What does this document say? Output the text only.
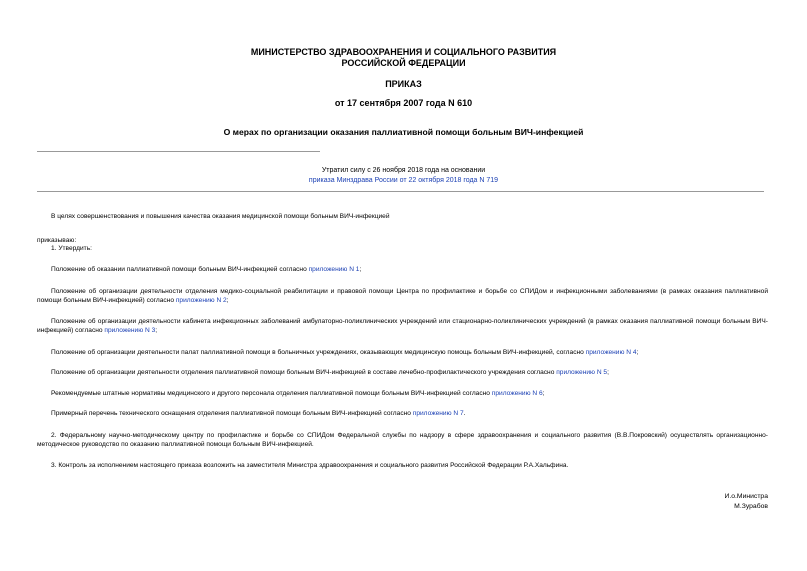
МИНИСТЕРСТВО ЗДРАВООХРАНЕНИЯ И СОЦИАЛЬНОГО РАЗВИТИЯ
РОССИЙСКОЙ ФЕДЕРАЦИИ
ПРИКАЗ
от 17 сентября 2007 года N 610
О мерах по организации оказания паллиативной помощи больным ВИЧ-инфекцией
Утратил силу с 26 ноября 2018 года на основании
приказа Минздрава России от 22 октября 2018 года N 719
В целях совершенствования и повышения качества оказания медицинской помощи больным ВИЧ-инфекцией
приказываю:
1. Утвердить:
Положение об оказании паллиативной помощи больным ВИЧ-инфекцией согласно приложению N 1;
Положение об организации деятельности отделения медико-социальной реабилитации и правовой помощи Центра по профилактике и борьбе со СПИДом и инфекционными заболеваниями (в рамках оказания паллиативной помощи больным ВИЧ-инфекцией) согласно приложению N 2;
Положение об организации деятельности кабинета инфекционных заболеваний амбулаторно-поликлинических учреждений или стационарно-поликлинических учреждений (в рамках оказания паллиативной помощи больным ВИЧ-инфекцией) согласно приложению N 3;
Положение об организации деятельности палат паллиативной помощи в больничных учреждениях, оказывающих медицинскую помощь больным ВИЧ-инфекцией, согласно приложению N 4;
Положение об организации деятельности отделения паллиативной помощи больным ВИЧ-инфекцией в составе лечебно-профилактического учреждения согласно приложению N 5;
Рекомендуемые штатные нормативы медицинского и другого персонала отделения паллиативной помощи больным ВИЧ-инфекцией согласно приложению N 6;
Примерный перечень технического оснащения отделения паллиативной помощи больным ВИЧ-инфекцией согласно приложению N 7.
2. Федеральному научно-методическому центру по профилактике и борьбе со СПИДом Федеральной службы по надзору в сфере здравоохранения и социального развития (В.В.Покровский) осуществлять организационно-методическое руководство по оказанию паллиативной помощи больным ВИЧ-инфекцией.
3. Контроль за исполнением настоящего приказа возложить на заместителя Министра здравоохранения и социального развития Российской Федерации Р.А.Хальфина.
И.о.Министра
М.Зурабов
